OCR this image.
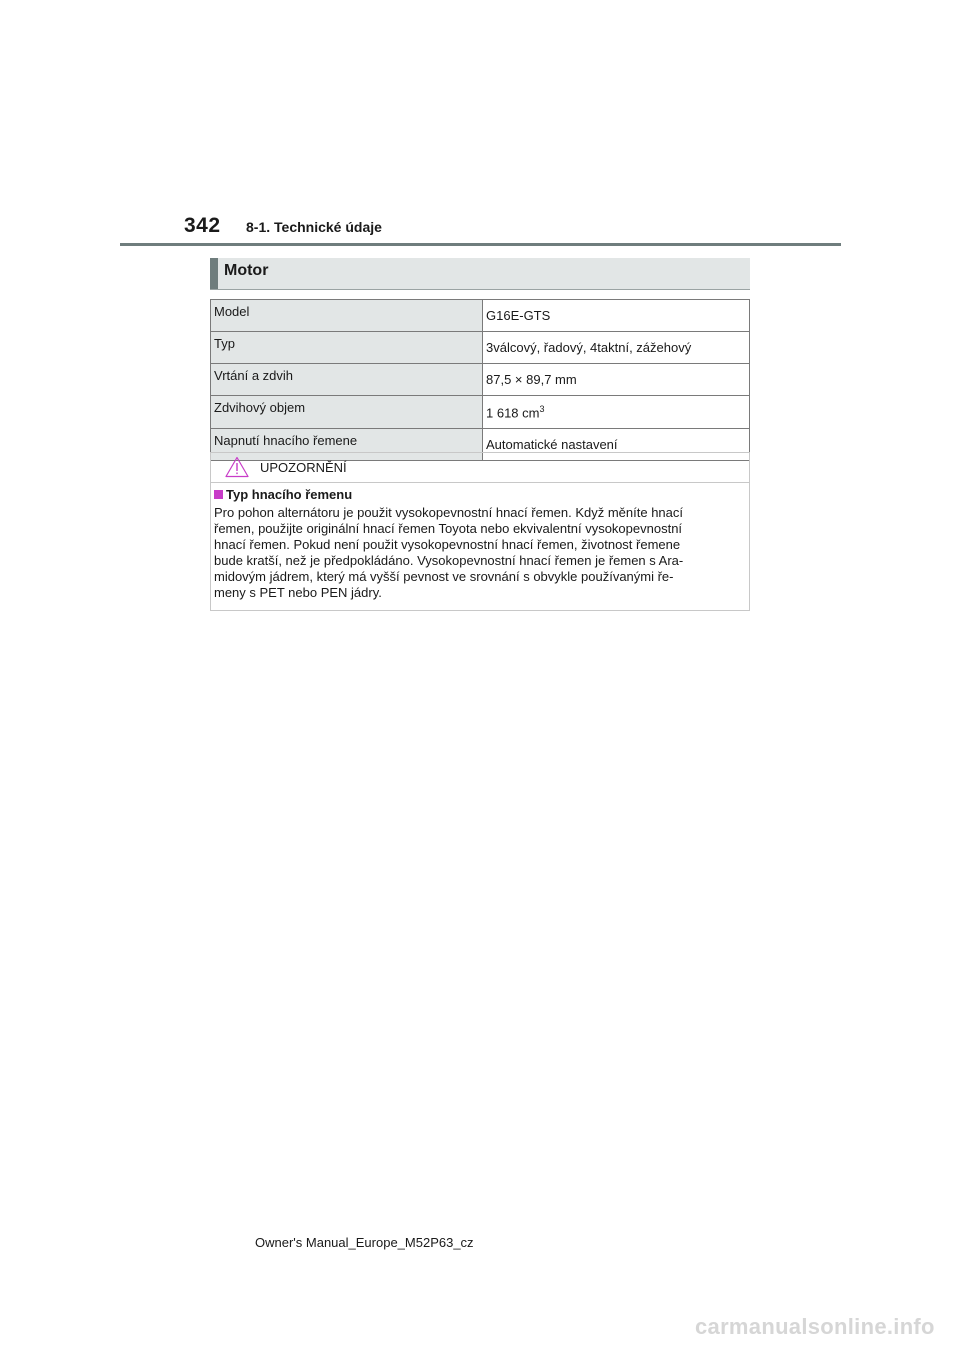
342 8-1. Technické údaje
Motor
Model	G16E-GTS
Typ	3válcový, řadový, 4taktní, zážehový
Vrtání a zdvih	87,5 × 89,7 mm
Zdvihový objem	1 618 $cm^3$
Napnutí hnacího řemene	Automatické nastavení
UPOZORNĚNÍ
Typ hnacího řemenu
Pro pohon alternátoru je použit vysokopevnostní hnací řemen. Když měníte hnací
řemen, použijte originální hnací řemen Toyota nebo ekvivalentní vysokopevnostní
hnací řemen. Pokud není použit vysokopevnostní hnací řemen, životnost řemene
bude kratší, než je předpokládáno. Vysokopevnostní hnací řemen je řemen s Ara-
midovým jádrem, který má vyšší pevnost ve srovnání s obvykle používanými ře-
meny s PET nebo PEN jádry.
Owner's Manual_Europe_M52P63_cz
carmanualsonline.info
